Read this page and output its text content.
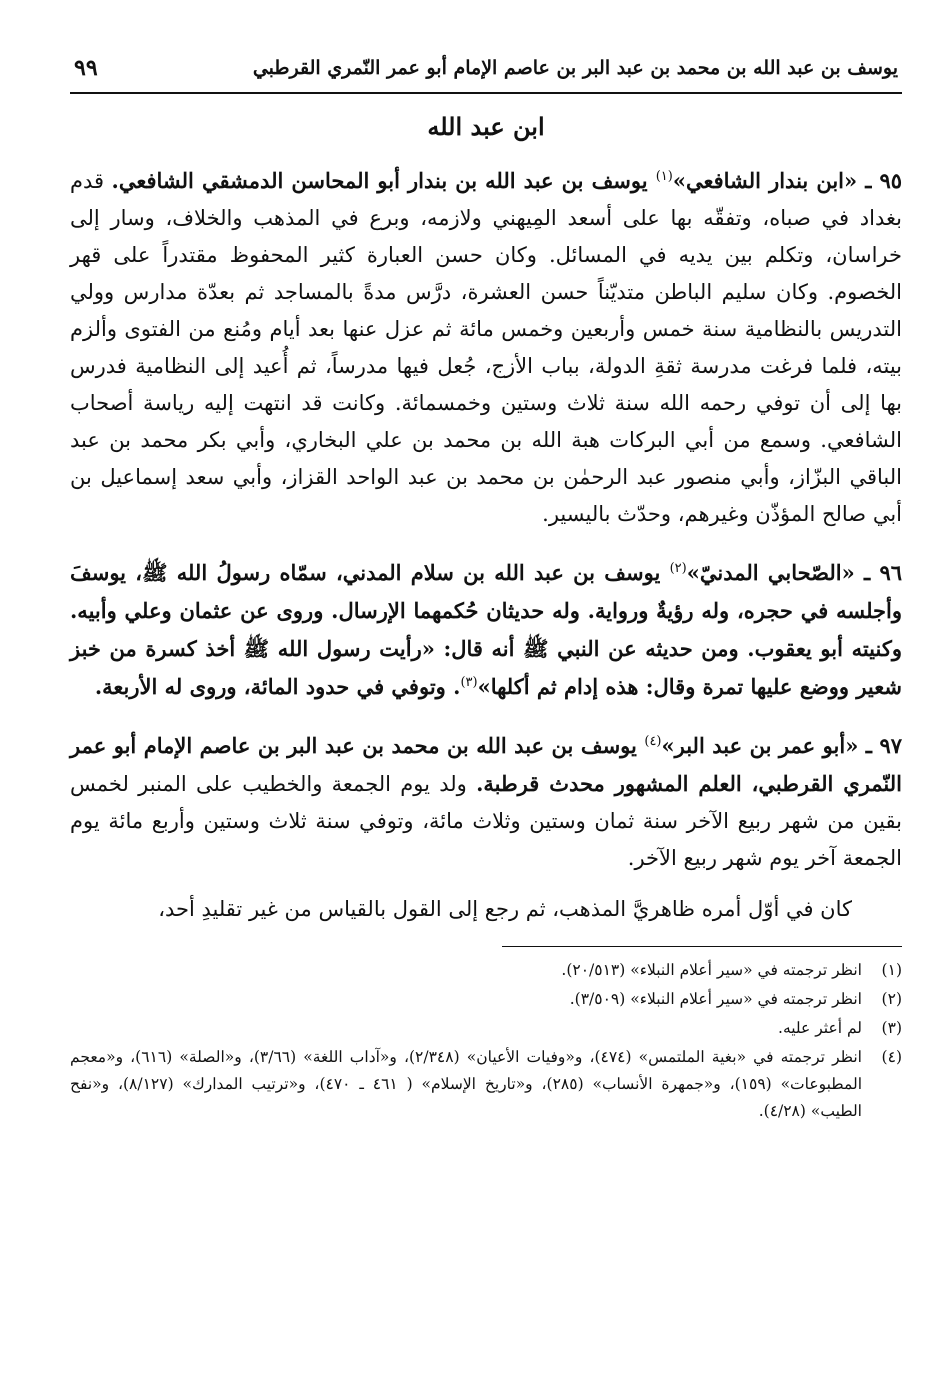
يوسف بن عبد الله بن محمد بن عبد البر بن عاصم الإمام أبو عمر النّمري القرطبي
٩٩
ابن عبد الله

٩٥ ـ «ابن بندار الشافعي»$^{(١)}$ يوسف بن عبد الله بن بندار أبو المحاسن الدمشقي الشافعي. قدم بغداد في صباه، وتفقّه بها على أسعد المِيهني ولازمه، وبرع في المذهب والخلاف، وسار إلى خراسان، وتكلم بين يديه في المسائل. وكان حسن العبارة كثير المحفوظ مقتدراً على قهر الخصوم. وكان سليم الباطن متديّناً حسن العشرة، درَّس مدةً بالمساجد ثم بعدّة مدارس وولي التدريس بالنظامية سنة خمس وأربعين وخمس مائة ثم عزل عنها بعد أيام ومُنع من الفتوى وألزم بيته، فلما فرغت مدرسة ثقةِ الدولة، بباب الأزج، جُعل فيها مدرساً، ثم أُعيد إلى النظامية فدرس بها إلى أن توفي رحمه الله سنة ثلاث وستين وخمسمائة. وكانت قد انتهت إليه رياسة أصحاب الشافعي. وسمع من أبي البركات هبة الله بن محمد بن علي البخاري، وأبي بكر محمد بن عبد الباقي البزّاز، وأبي منصور عبد الرحمٰن بن محمد بن عبد الواحد القزاز، وأبي سعد إسماعيل بن أبي صالح المؤذّن وغيرهم، وحدّث باليسير.

٩٦ ـ «الصّحابي المدنيّ»$^{(٢)}$ يوسف بن عبد الله بن سلام المدني، سمّاه رسولُ الله ﷺ، يوسفَ وأجلسه في حجره، وله رؤيةٌ ورواية. وله حديثان حُكمهما الإرسال. وروى عن عثمان وعلي وأبيه. وكنيته أبو يعقوب. ومن حديثه عن النبي ﷺ أنه قال: «رأيت رسول الله ﷺ أخذ كسرة من خبز شعير ووضع عليها تمرة وقال: هذه إدام ثم أكلها»$^{(٣)}$. وتوفي في حدود المائة، وروى له الأربعة.

٩٧ ـ «أبو عمر بن عبد البر»$^{(٤)}$ يوسف بن عبد الله بن محمد بن عبد البر بن عاصم الإمام أبو عمر النّمري القرطبي، العلم المشهور محدث قرطبة. ولد يوم الجمعة والخطيب على المنبر لخمس بقين من شهر ربيع الآخر سنة ثمان وستين وثلاث مائة، وتوفي سنة ثلاث وستين وأربع مائة يوم الجمعة آخر يوم شهر ربيع الآخر.

كان في أوّل أمره ظاهريَّ المذهب، ثم رجع إلى القول بالقياس من غير تقليدِ أحد،
(١)
انظر ترجمته في «سير أعلام النبلاء» (٢٠/٥١٣).
(٢)
انظر ترجمته في «سير أعلام النبلاء» (٣/٥٠٩).
(٣)
لم أعثر عليه.
(٤)
انظر ترجمته في «بغية الملتمس» (٤٧٤)، و«وفيات الأعيان» (٢/٣٤٨)، و«آداب اللغة» (٣/٦٦)، و«الصلة» (٦١٦)، و«معجم المطبوعات» (١٥٩)، و«جمهرة الأنساب» (٢٨٥)، و«تاريخ الإسلام» ( ٤٦١ ـ ٤٧٠)، و«ترتيب المدارك» (٨/١٢٧)، و«نفح الطيب» (٤/٢٨).
